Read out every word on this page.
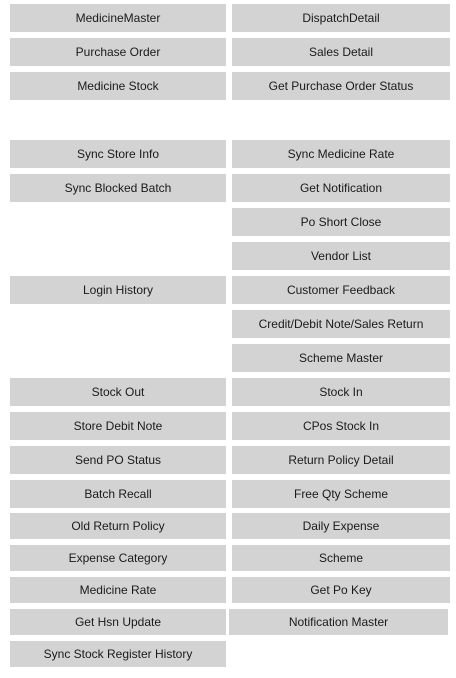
MedicineMaster
Purchase Order
Medicine Stock
Sync Store Info
Sync Blocked Batch
Login History
Stock Out
Store Debit Note
Send PO Status
Batch Recall
Old Return Policy
Expense Category
Medicine Rate
Get Hsn Update
Sync Stock Register History
DispatchDetail
Sales Detail
Get Purchase Order Status
Sync Medicine Rate
Get Notification
Po Short Close
Vendor List
Customer Feedback
Credit/Debit Note/Sales Return
Scheme Master
Stock In
CPos Stock In
Return Policy Detail
Free Qty Scheme
Daily Expense
Scheme
Get Po Key
Notification Master
